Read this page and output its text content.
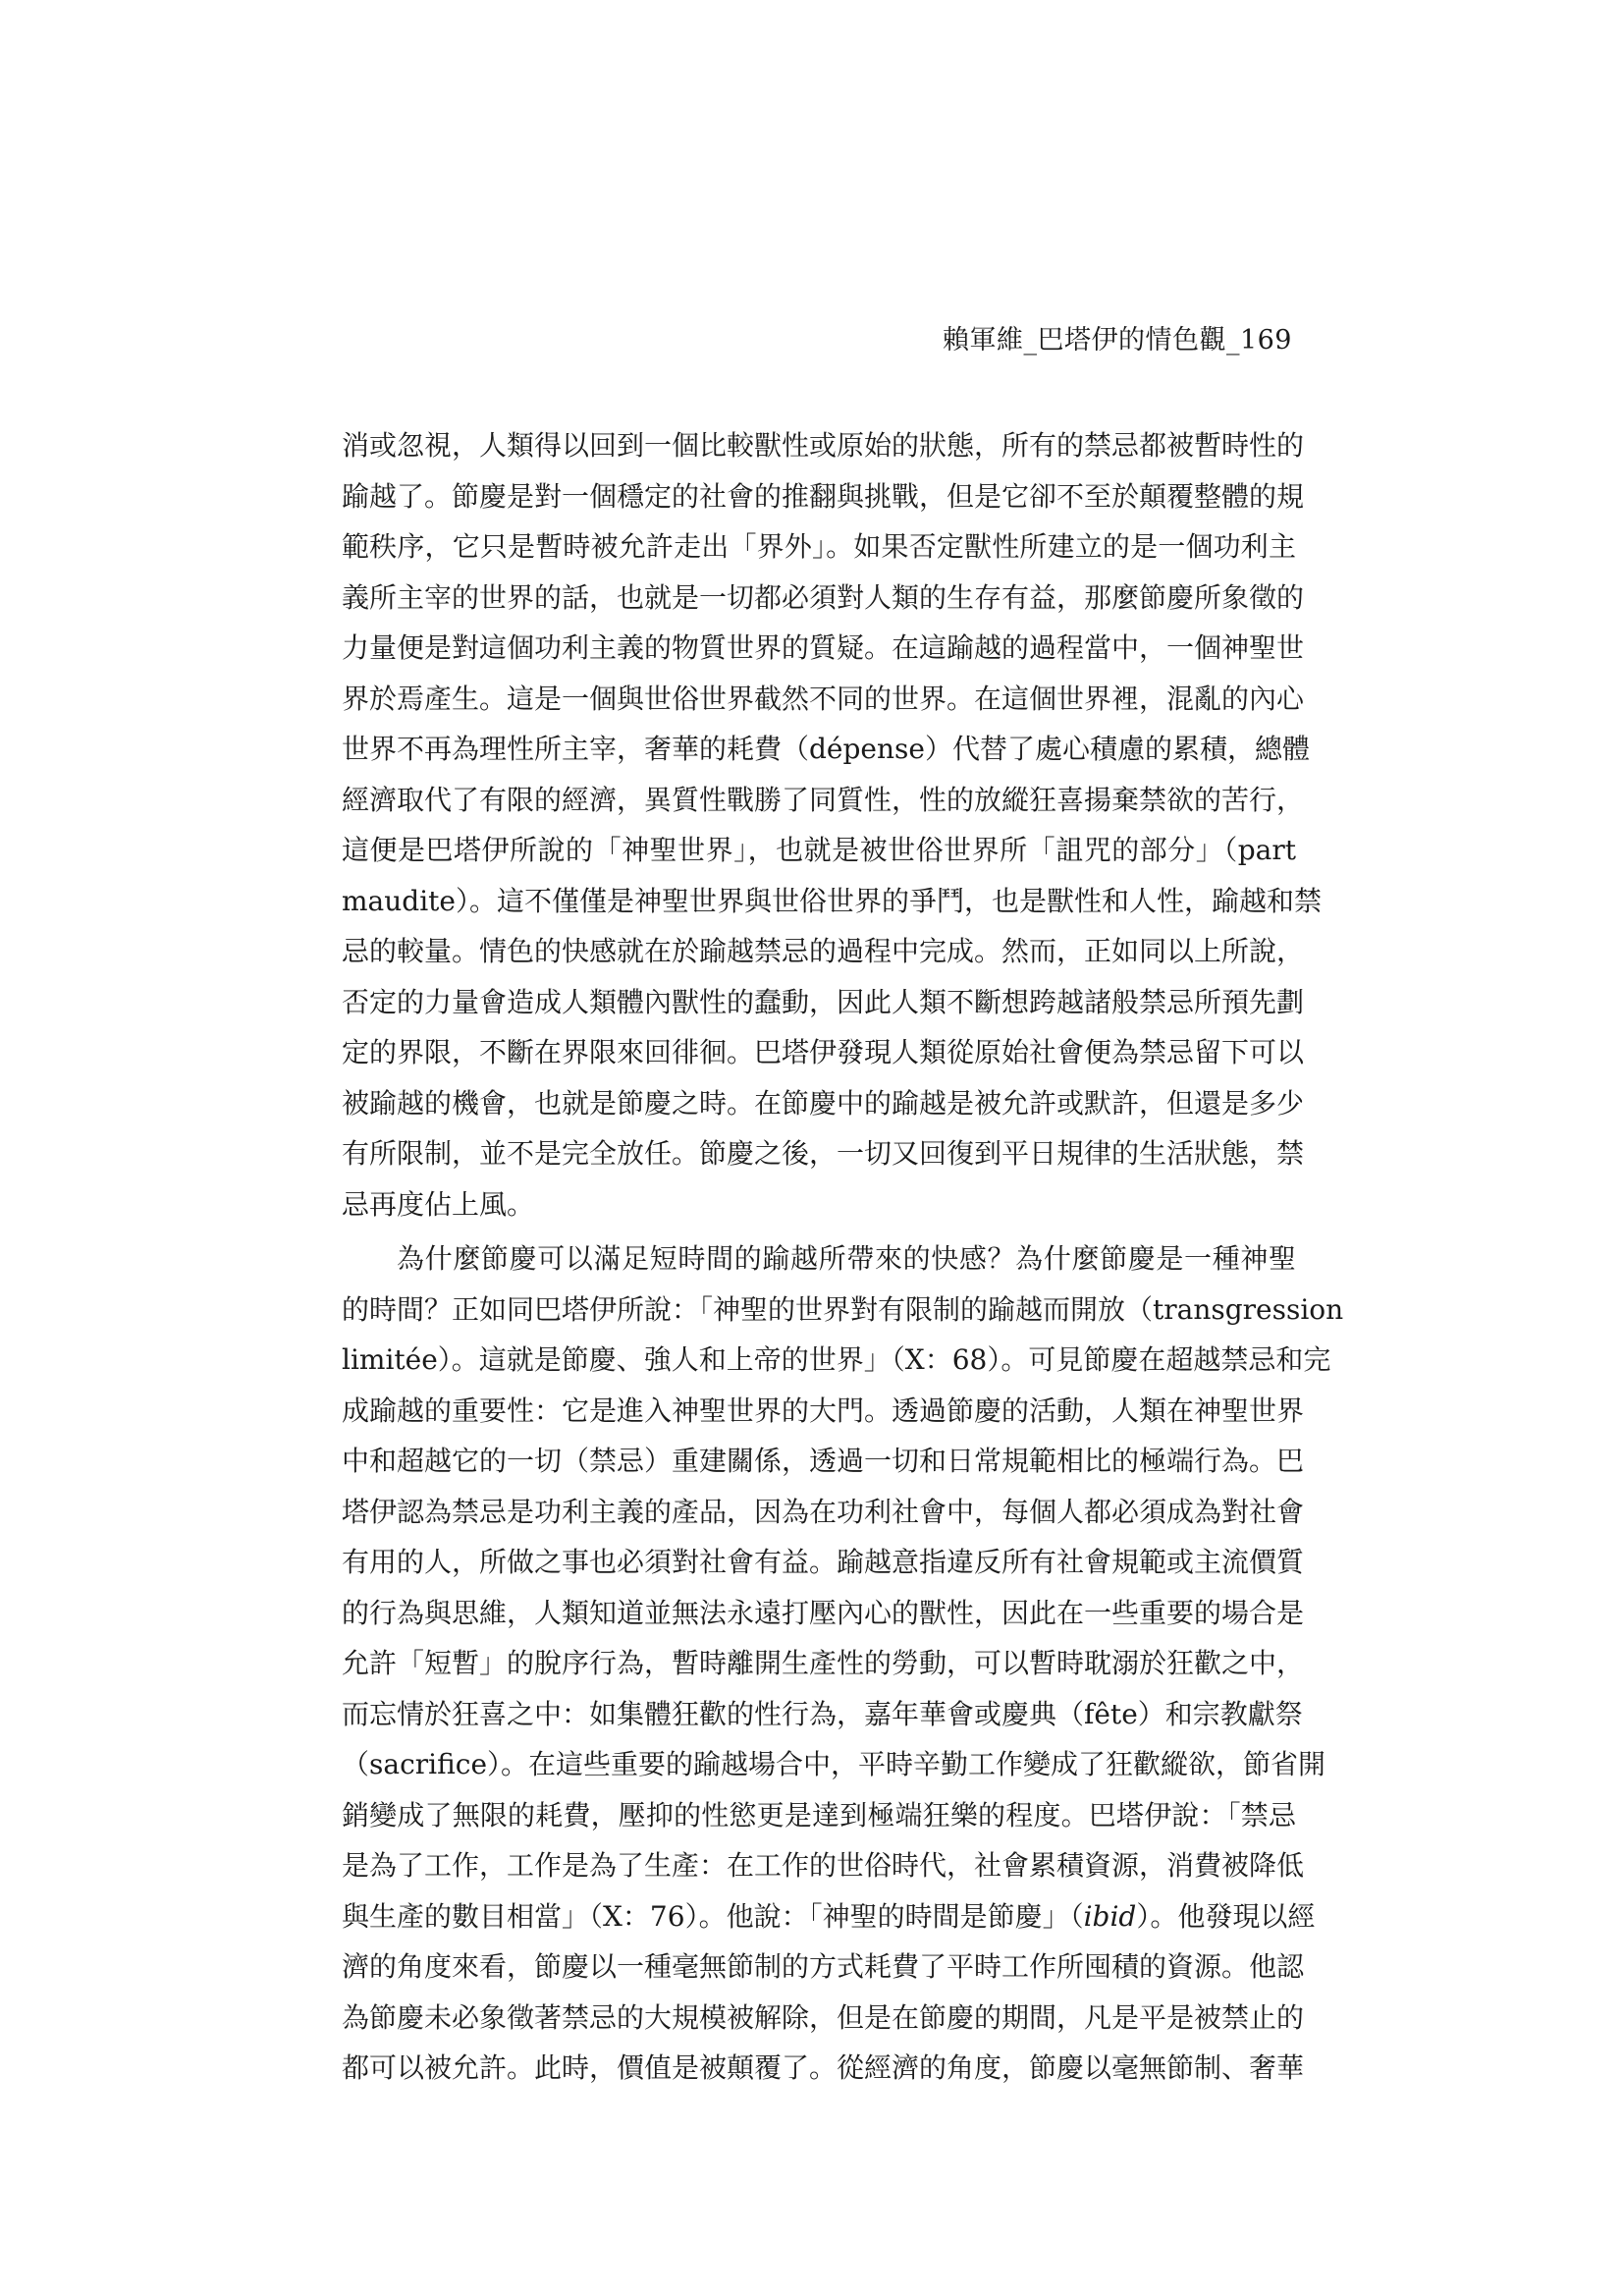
賴軍維_巴塔伊的情色觀_169
消或忽視，人類得以回到一個比較獸性或原始的狀態，所有的禁忌都被暫時性的
踰越了。節慶是對一個穩定的社會的推翻與挑戰，但是它卻不至於顛覆整體的規
範秩序，它只是暫時被允許走出「界外」。如果否定獸性所建立的是一個功利主
義所主宰的世界的話，也就是一切都必須對人類的生存有益，那麼節慶所象徵的
力量便是對這個功利主義的物質世界的質疑。在這踰越的過程當中，一個神聖世
界於焉產生。這是一個與世俗世界截然不同的世界。在這個世界裡，混亂的內心
世界不再為理性所主宰，奢華的耗費（dépense）代替了處心積慮的累積，總體
經濟取代了有限的經濟，異質性戰勝了同質性，性的放縱狂喜揚棄禁欲的苦行，
這便是巴塔伊所說的「神聖世界」，也就是被世俗世界所「詛咒的部分」（part
maudite）。這不僅僅是神聖世界與世俗世界的爭鬥，也是獸性和人性，踰越和禁
忌的較量。情色的快感就在於踰越禁忌的過程中完成。然而，正如同以上所說，
否定的力量會造成人類體內獸性的蠢動，因此人類不斷想跨越諸般禁忌所預先劃
定的界限，不斷在界限來回徘徊。巴塔伊發現人類從原始社會便為禁忌留下可以
被踰越的機會，也就是節慶之時。在節慶中的踰越是被允許或默許，但還是多少
有所限制，並不是完全放任。節慶之後，一切又回復到平日規律的生活狀態，禁
忌再度佔上風。
為什麼節慶可以滿足短時間的踰越所帶來的快感？為什麼節慶是一種神聖
的時間？正如同巴塔伊所說：「神聖的世界對有限制的踰越而開放（transgression
limitée）。這就是節慶、強人和上帝的世界」（X：68）。可見節慶在超越禁忌和完
成踰越的重要性：它是進入神聖世界的大門。透過節慶的活動，人類在神聖世界
中和超越它的一切（禁忌）重建關係，透過一切和日常規範相比的極端行為。巴
塔伊認為禁忌是功利主義的產品，因為在功利社會中，每個人都必須成為對社會
有用的人，所做之事也必須對社會有益。踰越意指違反所有社會規範或主流價質
的行為與思維，人類知道並無法永遠打壓內心的獸性，因此在一些重要的場合是
允許「短暫」的脫序行為，暫時離開生產性的勞動，可以暫時耽溺於狂歡之中，
而忘情於狂喜之中：如集體狂歡的性行為，嘉年華會或慶典（fête）和宗教獻祭
（sacrifice）。在這些重要的踰越場合中，平時辛勤工作變成了狂歡縱欲，節省開
銷變成了無限的耗費，壓抑的性慾更是達到極端狂樂的程度。巴塔伊說：「禁忌
是為了工作，工作是為了生產：在工作的世俗時代，社會累積資源，消費被降低
與生產的數目相當」（X：76）。他說：「神聖的時間是節慶」（ibid）。他發現以經
濟的角度來看，節慶以一種毫無節制的方式耗費了平時工作所囤積的資源。他認
為節慶未必象徵著禁忌的大規模被解除，但是在節慶的期間，凡是平是被禁止的
都可以被允許。此時，價值是被顛覆了。從經濟的角度，節慶以毫無節制、奢華
